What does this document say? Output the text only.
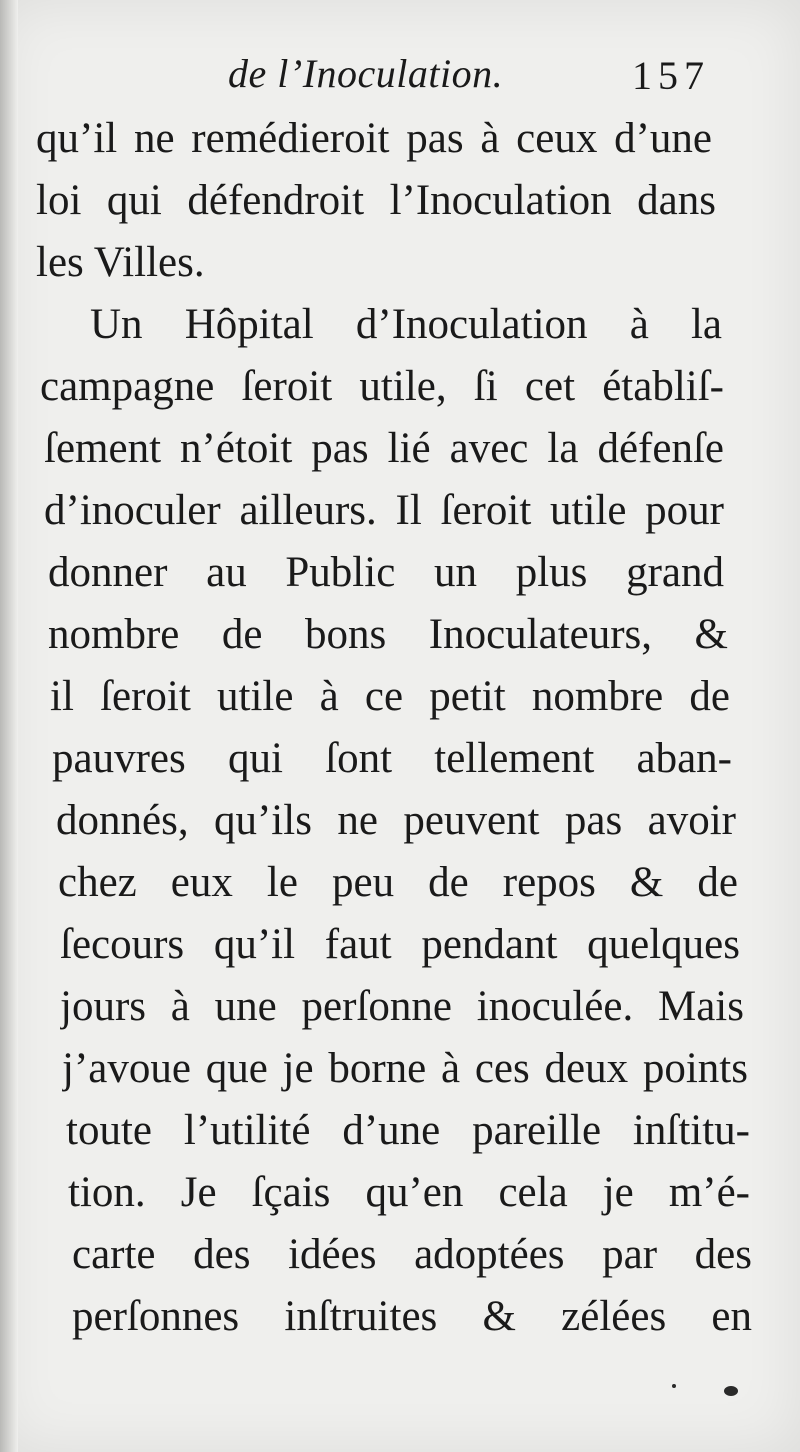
de l’Inoculation.	157
qu’il ne remédieroit pas à ceux d’une
loi qui défendroit l’Inoculation dans
les Villes.
Un Hôpital d’Inoculation à la
campagne ſeroit utile, ſi cet établiſ-
ſement n’étoit pas lié avec la défenſe
d’inoculer ailleurs. Il ſeroit utile pour
donner au Public un plus grand
nombre de bons Inoculateurs, &
il ſeroit utile à ce petit nombre de
pauvres qui ſont tellement aban-
donnés, qu’ils ne peuvent pas avoir
chez eux le peu de repos & de
ſecours qu’il faut pendant quelques
jours à une perſonne inoculée. Mais
j’avoue que je borne à ces deux points
toute l’utilité d’une pareille inſtitu-
tion. Je ſçais qu’en cela je m’é-
carte des idées adoptées par des
perſonnes inſtruites & zélées en
